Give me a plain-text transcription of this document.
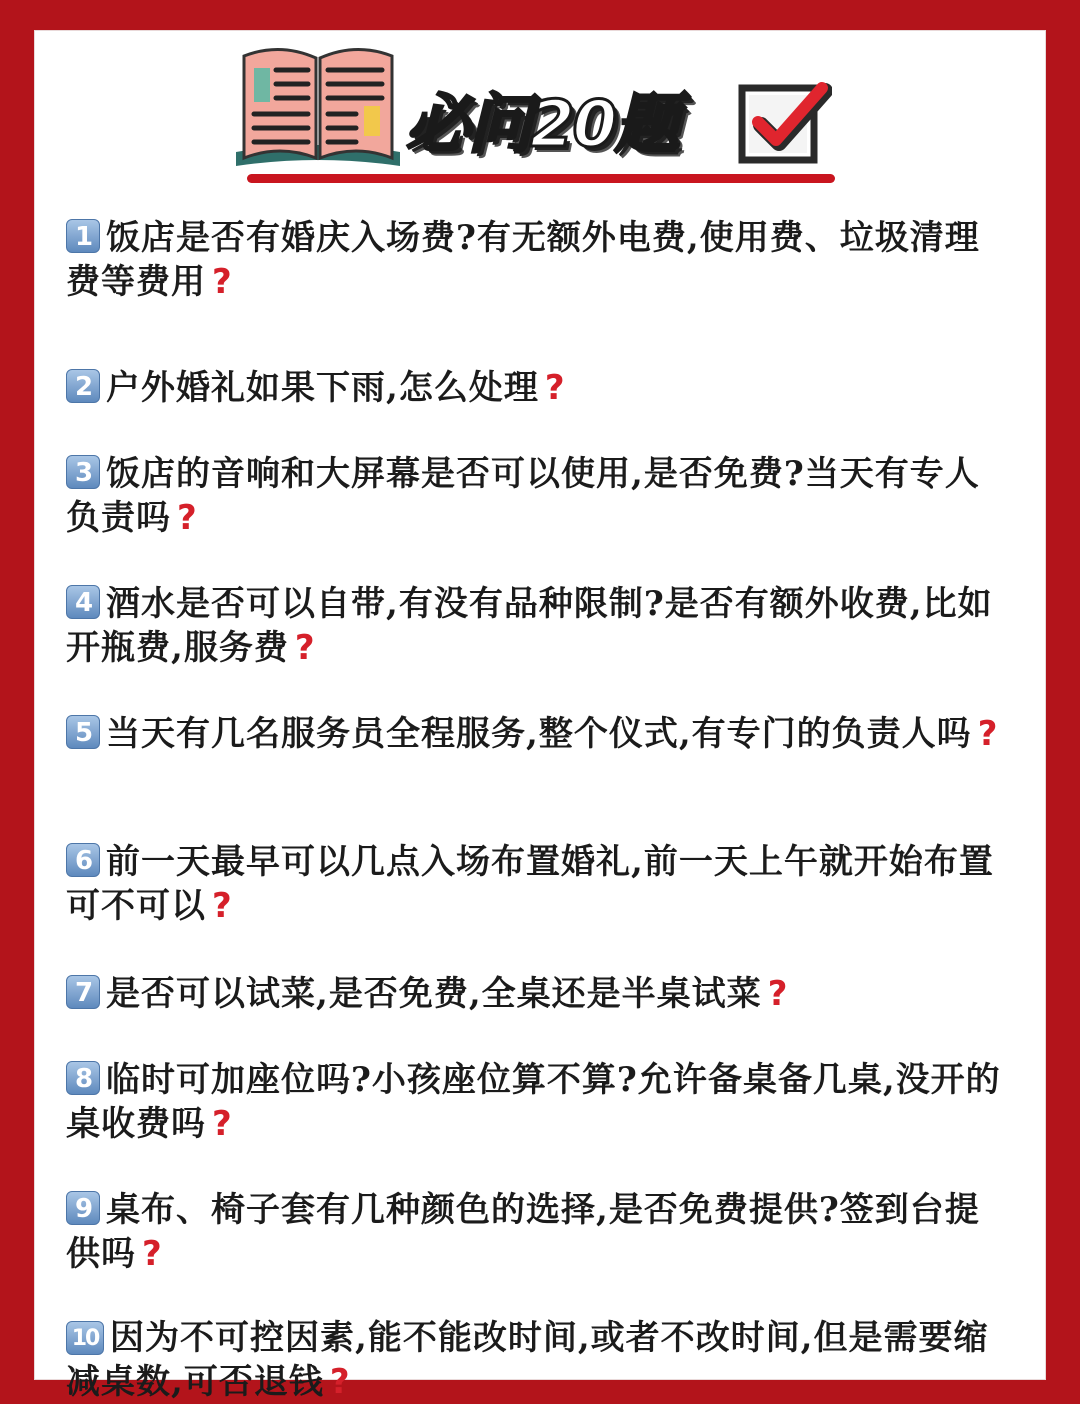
必问20题
1 饭店是否有婚庆入场费?有无额外电费,使用费、垃圾清理费等费用 ?
2 户外婚礼如果下雨,怎么处理 ?
3 饭店的音响和大屏幕是否可以使用,是否免费?当天有专人负责吗 ?
4 酒水是否可以自带,有没有品种限制?是否有额外收费,比如开瓶费,服务费 ?
5 当天有几名服务员全程服务,整个仪式,有专门的负责人吗 ?
6 前一天最早可以几点入场布置婚礼,前一天上午就开始布置可不可以 ?
7 是否可以试菜,是否免费,全桌还是半桌试菜 ?
8 临时可加座位吗?小孩座位算不算?允许备桌备几桌,没开的桌收费吗 ?
9 桌布、椅子套有几种颜色的选择,是否免费提供?签到台提供吗 ?
10 因为不可控因素,能不能改时间,或者不改时间,但是需要缩减桌数,可否退钱 ?
